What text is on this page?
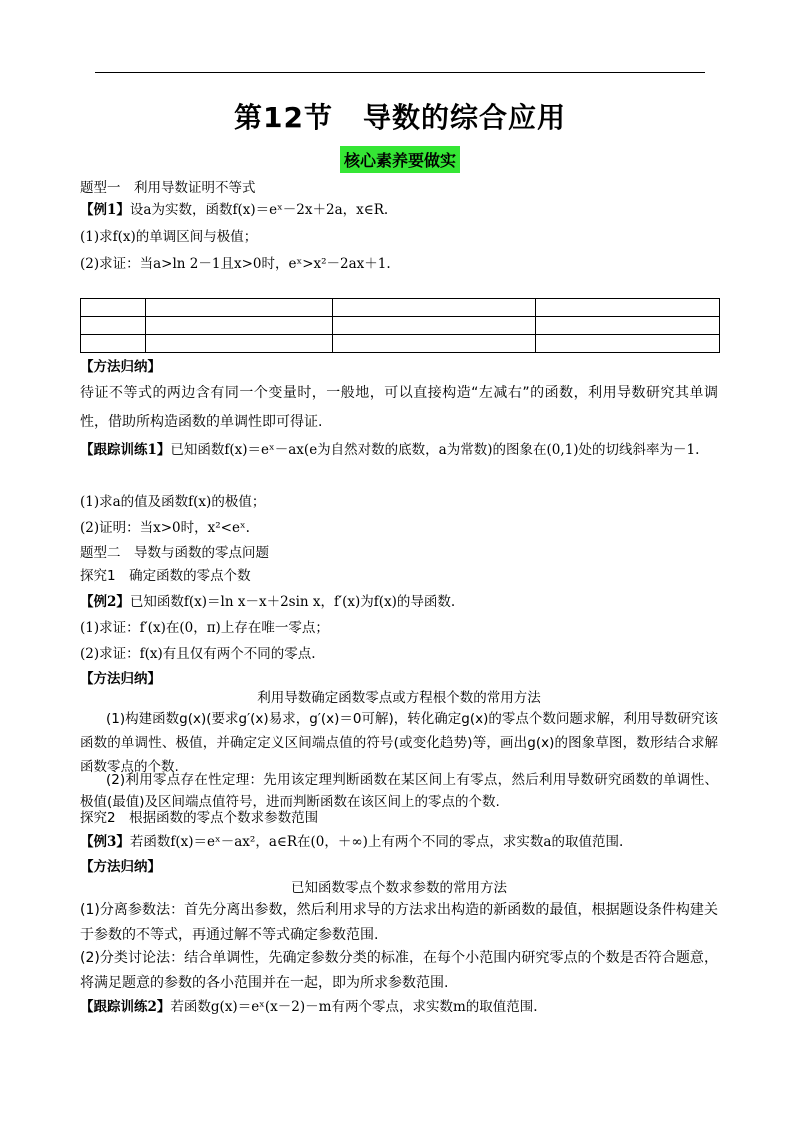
第12节 导数的综合应用
核心素养要做实
题型一　利用导数证明不等式
【例1】设a为实数，函数f(x)＝eˣ－2x＋2a，x∈R.
(1)求f(x)的单调区间与极值；
(2)求证：当a>ln 2－1且x>0时，eˣ>x²－2ax＋1.

【方法归纳】
待证不等式的两边含有同一个变量时，一般地，可以直接构造“左减右”的函数，利用导数研究其单调性，借助所构造函数的单调性即可得证.
【跟踪训练1】已知函数f(x)＝eˣ－ax(e为自然对数的底数，a为常数)的图象在(0,1)处的切线斜率为－1.
(1)求a的值及函数f(x)的极值；
(2)证明：当x>0时，x²<eˣ.
题型二　导数与函数的零点问题
探究1　确定函数的零点个数
【例2】已知函数f(x)＝ln x－x＋2sin x，f′(x)为f(x)的导函数.
(1)求证：f′(x)在(0，π)上存在唯一零点；
(2)求证：f(x)有且仅有两个不同的零点.
【方法归纳】
利用导数确定函数零点或方程根个数的常用方法
(1)构建函数g(x)(要求g′(x)易求，g′(x)＝0可解)，转化确定g(x)的零点个数问题求解，利用导数研究该函数的单调性、极值，并确定定义区间端点值的符号(或变化趋势)等，画出g(x)的图象草图，数形结合求解函数零点的个数.
(2)利用零点存在性定理：先用该定理判断函数在某区间上有零点，然后利用导数研究函数的单调性、极值(最值)及区间端点值符号，进而判断函数在该区间上的零点的个数.
探究2　根据函数的零点个数求参数范围
【例3】若函数f(x)＝eˣ－ax²，a∈R在(0，＋∞)上有两个不同的零点，求实数a的取值范围.
【方法归纳】
已知函数零点个数求参数的常用方法
(1)分离参数法：首先分离出参数，然后利用求导的方法求出构造的新函数的最值，根据题设条件构建关于参数的不等式，再通过解不等式确定参数范围.
(2)分类讨论法：结合单调性，先确定参数分类的标准，在每个小范围内研究零点的个数是否符合题意，将满足题意的参数的各小范围并在一起，即为所求参数范围.
【跟踪训练2】若函数g(x)＝eˣ(x－2)－m有两个零点，求实数m的取值范围.
